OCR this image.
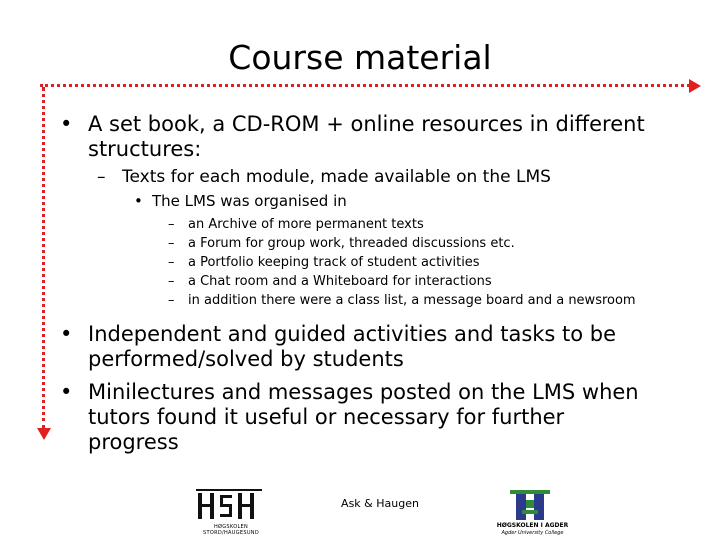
Course material
• A set book, a CD-ROM + online resources in different
structures:
– Texts for each module, made available on the LMS
• The LMS was organised in
– an Archive of more permanent texts
– a Forum for group work, threaded discussions etc.
– a Portfolio keeping track of student activities
– a Chat room and a Whiteboard for interactions
– in addition there were a class list, a message board and a newsroom
• Independent and guided activities and tasks to be
performed/solved by students
• Minilectures and messages posted on the LMS when
tutors found it useful or necessary for further
progress
Ask & Haugen
HØGSKOLEN
STORD/HAUGESUND
HØGSKOLEN I AGDER
Agder University College
